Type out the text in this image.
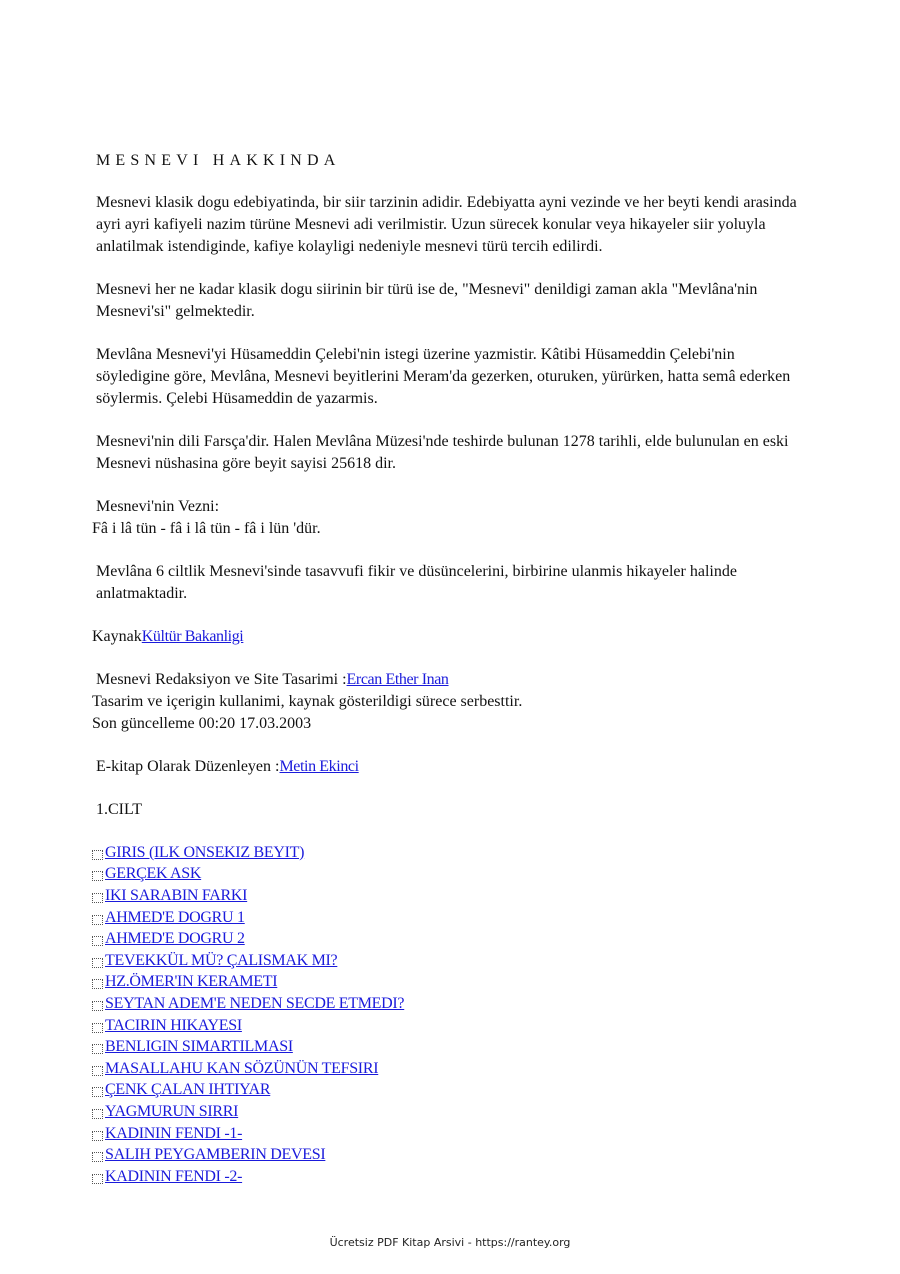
MESNEVI HAKKINDA

Mesnevi klasik dogu edebiyatinda, bir siir tarzinin adidir. Edebiyatta ayni vezinde ve her beyti kendi arasinda ayri ayri kafiyeli nazim türüne Mesnevi adi verilmistir. Uzun sürecek konular veya hikayeler siir yoluyla anlatilmak istendiginde, kafiye kolayligi nedeniyle mesnevi türü tercih edilirdi.

Mesnevi her ne kadar klasik dogu siirinin bir türü ise de, "Mesnevi" denildigi zaman akla "Mevlâna'nin Mesnevi'si" gelmektedir.

Mevlâna Mesnevi'yi Hüsameddin Çelebi'nin istegi üzerine yazmistir. Kâtibi Hüsameddin Çelebi'nin söyledigine göre, Mevlâna, Mesnevi beyitlerini Meram'da gezerken, oturuken, yürürken, hatta semâ ederken söylermis. Çelebi Hüsameddin de yazarmis.

Mesnevi'nin dili Farsça'dir. Halen Mevlâna Müzesi'nde teshirde bulunan 1278 tarihli, elde bulunulan en eski Mesnevi nüshasina göre beyit sayisi 25618 dir.

Mesnevi'nin Vezni:
Fâ i lâ tün - fâ i lâ tün - fâ i lün 'dür.

Mevlâna 6 ciltlik Mesnevi'sinde tasavvufi fikir ve düsüncelerini, birbirine ulanmis hikayeler halinde anlatmaktadir.

KaynakKültür Bakanligi

Mesnevi Redaksiyon ve Site Tasarimi :Ercan Ether Inan
Tasarim ve içerigin kullanimi, kaynak gösterildigi sürece serbesttir.
Son güncelleme 00:20 17.03.2003

E-kitap Olarak Düzenleyen :Metin Ekinci

1.CILT

GIRIS (ILK ONSEKIZ BEYIT)
GERÇEK ASK
IKI SARABIN FARKI
AHMED'E DOGRU 1
AHMED'E DOGRU 2
TEVEKKÜL MÜ? ÇALISMAK MI?
HZ.ÖMER'IN KERAMETI
SEYTAN ADEM'E NEDEN SECDE ETMEDI?
TACIRIN HIKAYESI
BENLIGIN SIMARTILMASI
MASALLAHU KAN SÖZÜNÜN TEFSIRI
ÇENK ÇALAN IHTIYAR
YAGMURUN SIRRI
KADININ FENDI -1-
SALIH PEYGAMBERIN DEVESI
KADININ FENDI -2-
Ücretsiz PDF Kitap Arsivi - https://rantey.org
